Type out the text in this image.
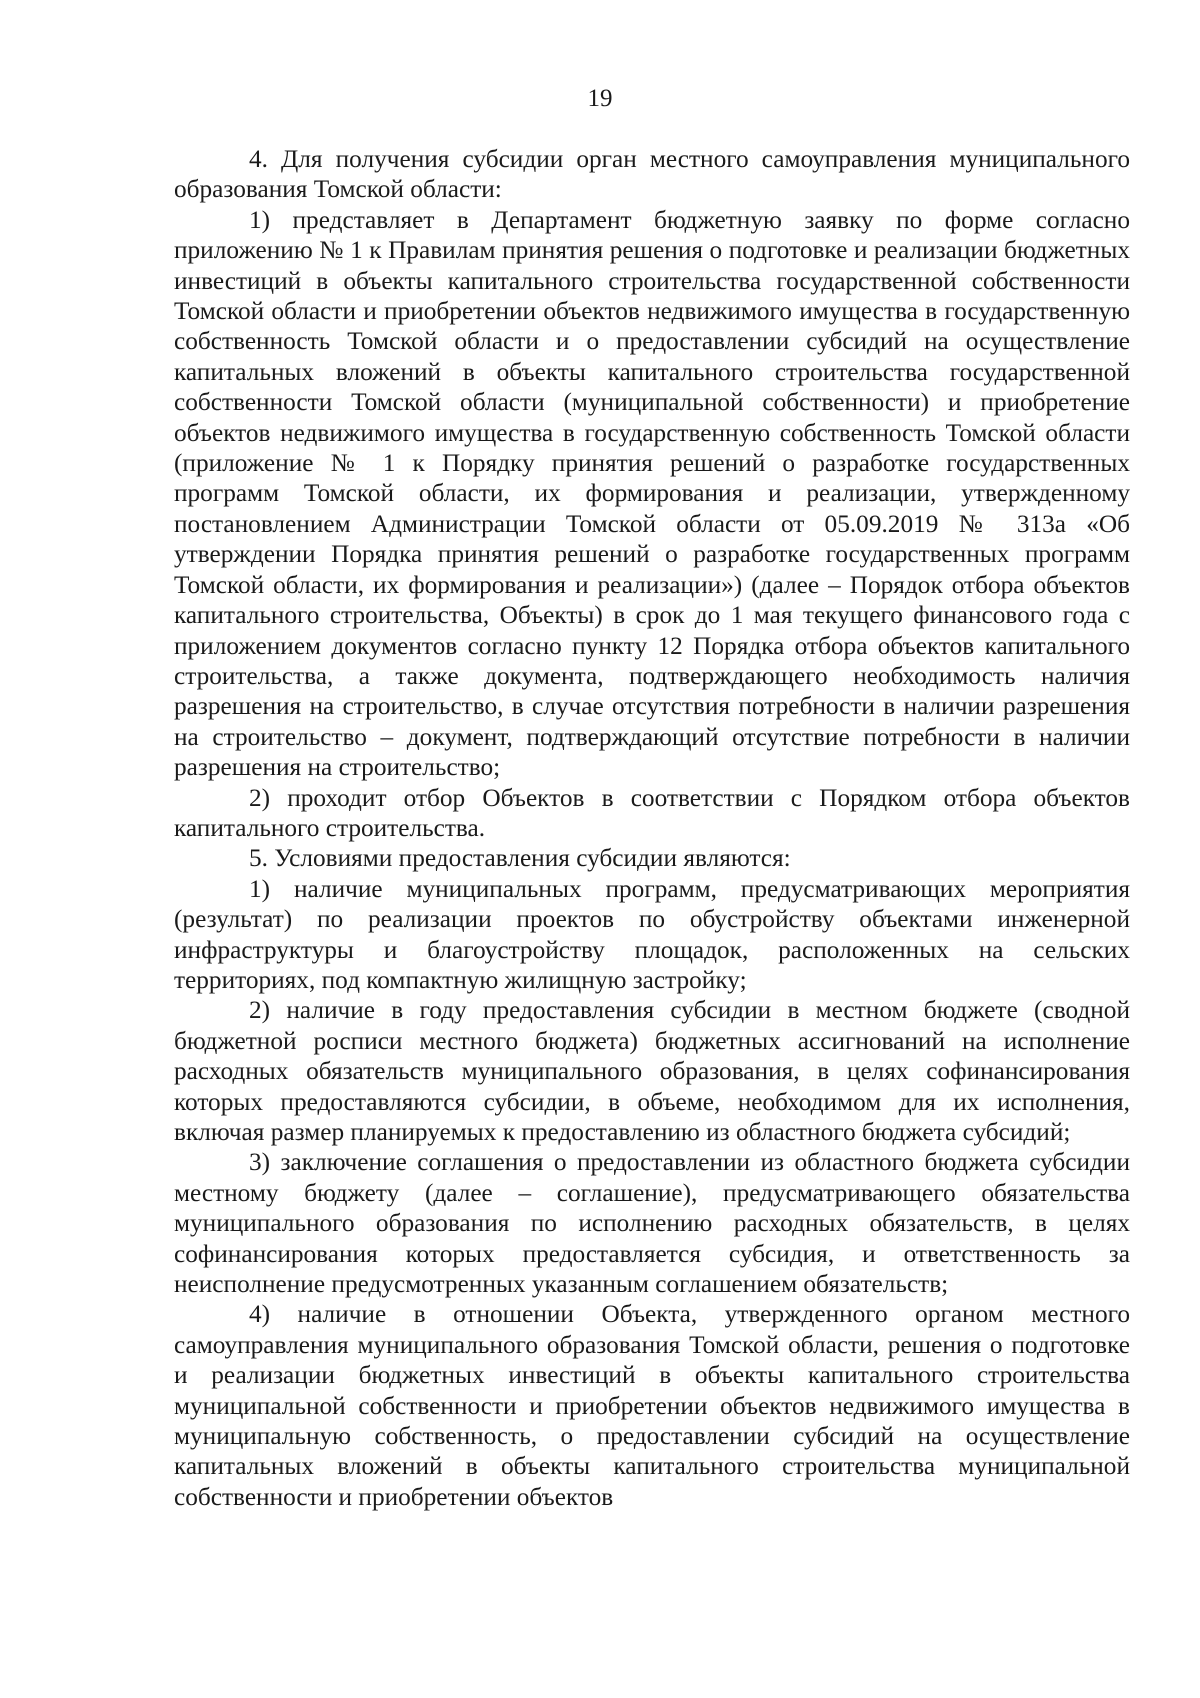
19

4. Для получения субсидии орган местного самоуправления муниципального образования Томской области:

1) представляет в Департамент бюджетную заявку по форме согласно приложению № 1 к Правилам принятия решения о подготовке и реализации бюджетных инвестиций в объекты капитального строительства государственной собственности Томской области и приобретении объектов недвижимого имущества в государственную собственность Томской области и о предоставлении субсидий на осуществление капитальных вложений в объекты капитального строительства государственной собственности Томской области (муниципальной собственности) и приобретение объектов недвижимого имущества в государственную собственность Томской области (приложение № 1 к Порядку принятия решений о разработке государственных программ Томской области, их формирования и реализации, утвержденному постановлением Администрации Томской области от 05.09.2019 № 313а «Об утверждении Порядка принятия решений о разработке государственных программ Томской области, их формирования и реализации») (далее – Порядок отбора объектов капитального строительства, Объекты) в срок до 1 мая текущего финансового года с приложением документов согласно пункту 12 Порядка отбора объектов капитального строительства, а также документа, подтверждающего необходимость наличия разрешения на строительство, в случае отсутствия потребности в наличии разрешения на строительство – документ, подтверждающий отсутствие потребности в наличии разрешения на строительство;

2) проходит отбор Объектов в соответствии с Порядком отбора объектов капитального строительства.

5. Условиями предоставления субсидии являются:

1) наличие муниципальных программ, предусматривающих мероприятия (результат) по реализации проектов по обустройству объектами инженерной инфраструктуры и благоустройству площадок, расположенных на сельских территориях, под компактную жилищную застройку;

2) наличие в году предоставления субсидии в местном бюджете (сводной бюджетной росписи местного бюджета) бюджетных ассигнований на исполнение расходных обязательств муниципального образования, в целях софинансирования которых предоставляются субсидии, в объеме, необходимом для их исполнения, включая размер планируемых к предоставлению из областного бюджета субсидий;

3) заключение соглашения о предоставлении из областного бюджета субсидии местному бюджету (далее – соглашение), предусматривающего обязательства муниципального образования по исполнению расходных обязательств, в целях софинансирования которых предоставляется субсидия, и ответственность за неисполнение предусмотренных указанным соглашением обязательств;

4) наличие в отношении Объекта, утвержденного органом местного самоуправления муниципального образования Томской области, решения о подготовке и реализации бюджетных инвестиций в объекты капитального строительства муниципальной собственности и приобретении объектов недвижимого имущества в муниципальную собственность, о предоставлении субсидий на осуществление капитальных вложений в объекты капитального строительства муниципальной собственности и приобретении объектов
